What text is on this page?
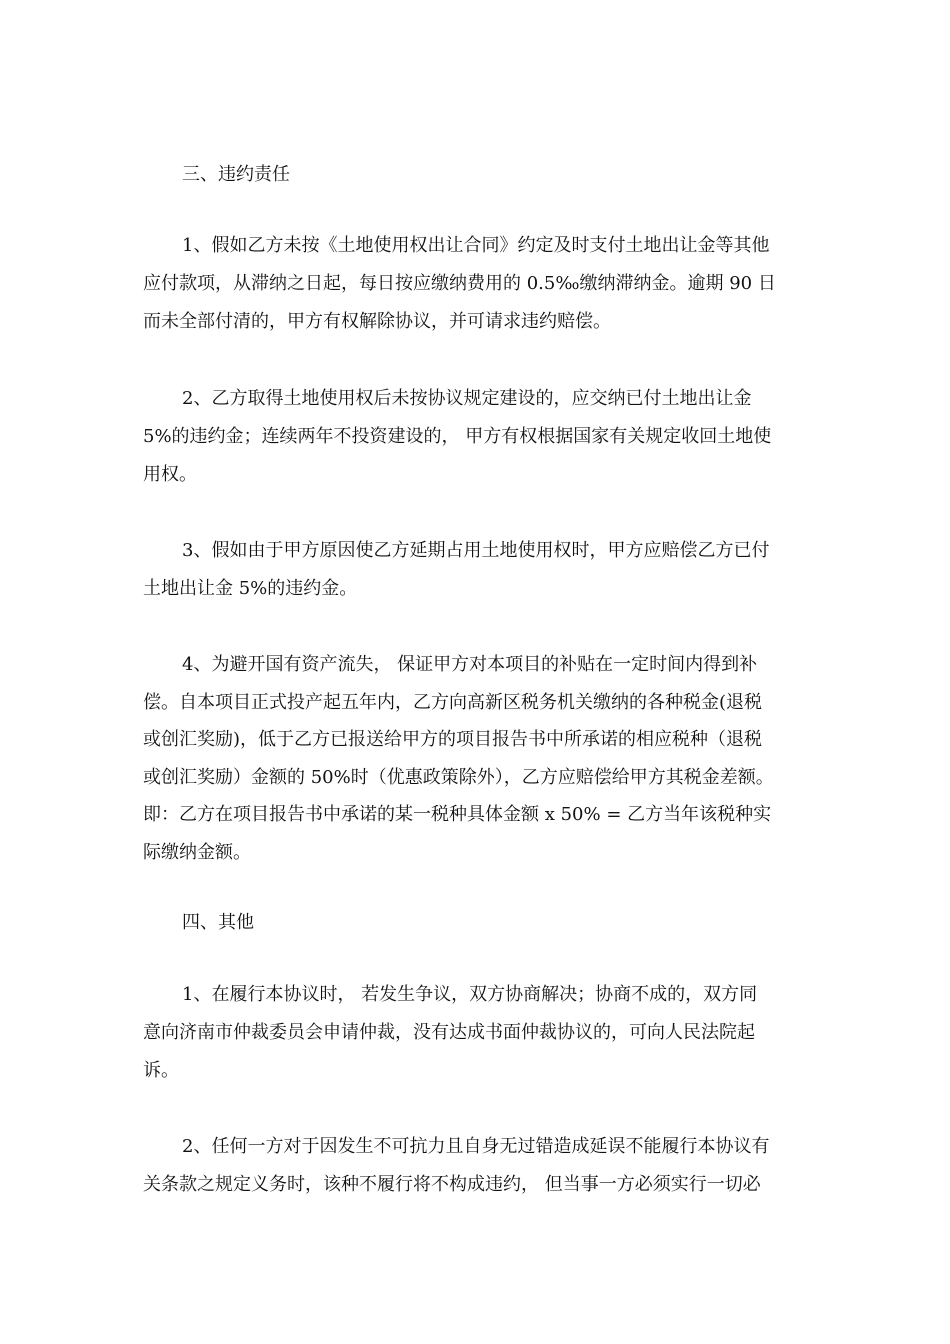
三、违约责任
1、假如乙方未按《土地使用权出让合同》约定及时支付土地出让金等其他
应付款项，从滞纳之日起，每日按应缴纳费用的 0.5‰缴纳滞纳金。逾期 90 日
而未全部付清的，甲方有权解除协议，并可请求违约赔偿。
2、乙方取得土地使用权后未按协议规定建设的，应交纳已付土地出让金
5%的违约金；连续两年不投资建设的， 甲方有权根据国家有关规定收回土地使
用权。
3、假如由于甲方原因使乙方延期占用土地使用权时，甲方应赔偿乙方已付
土地出让金 5%的违约金。
4、为避开国有资产流失， 保证甲方对本项目的补贴在一定时间内得到补
偿。自本项目正式投产起五年内，乙方向高新区税务机关缴纳的各种税金(退税
或创汇奖励)，低于乙方已报送给甲方的项目报告书中所承诺的相应税种（退税
或创汇奖励）金额的 50%时（优惠政策除外），乙方应赔偿给甲方其税金差额。
即：乙方在项目报告书中承诺的某一税种具体金额 x 50% = 乙方当年该税种实
际缴纳金额。
四、其他
1、在履行本协议时， 若发生争议，双方协商解决；协商不成的，双方同
意向济南市仲裁委员会申请仲裁，没有达成书面仲裁协议的，可向人民法院起
诉。
2、任何一方对于因发生不可抗力且自身无过错造成延误不能履行本协议有
关条款之规定义务时，该种不履行将不构成违约， 但当事一方必须实行一切必
